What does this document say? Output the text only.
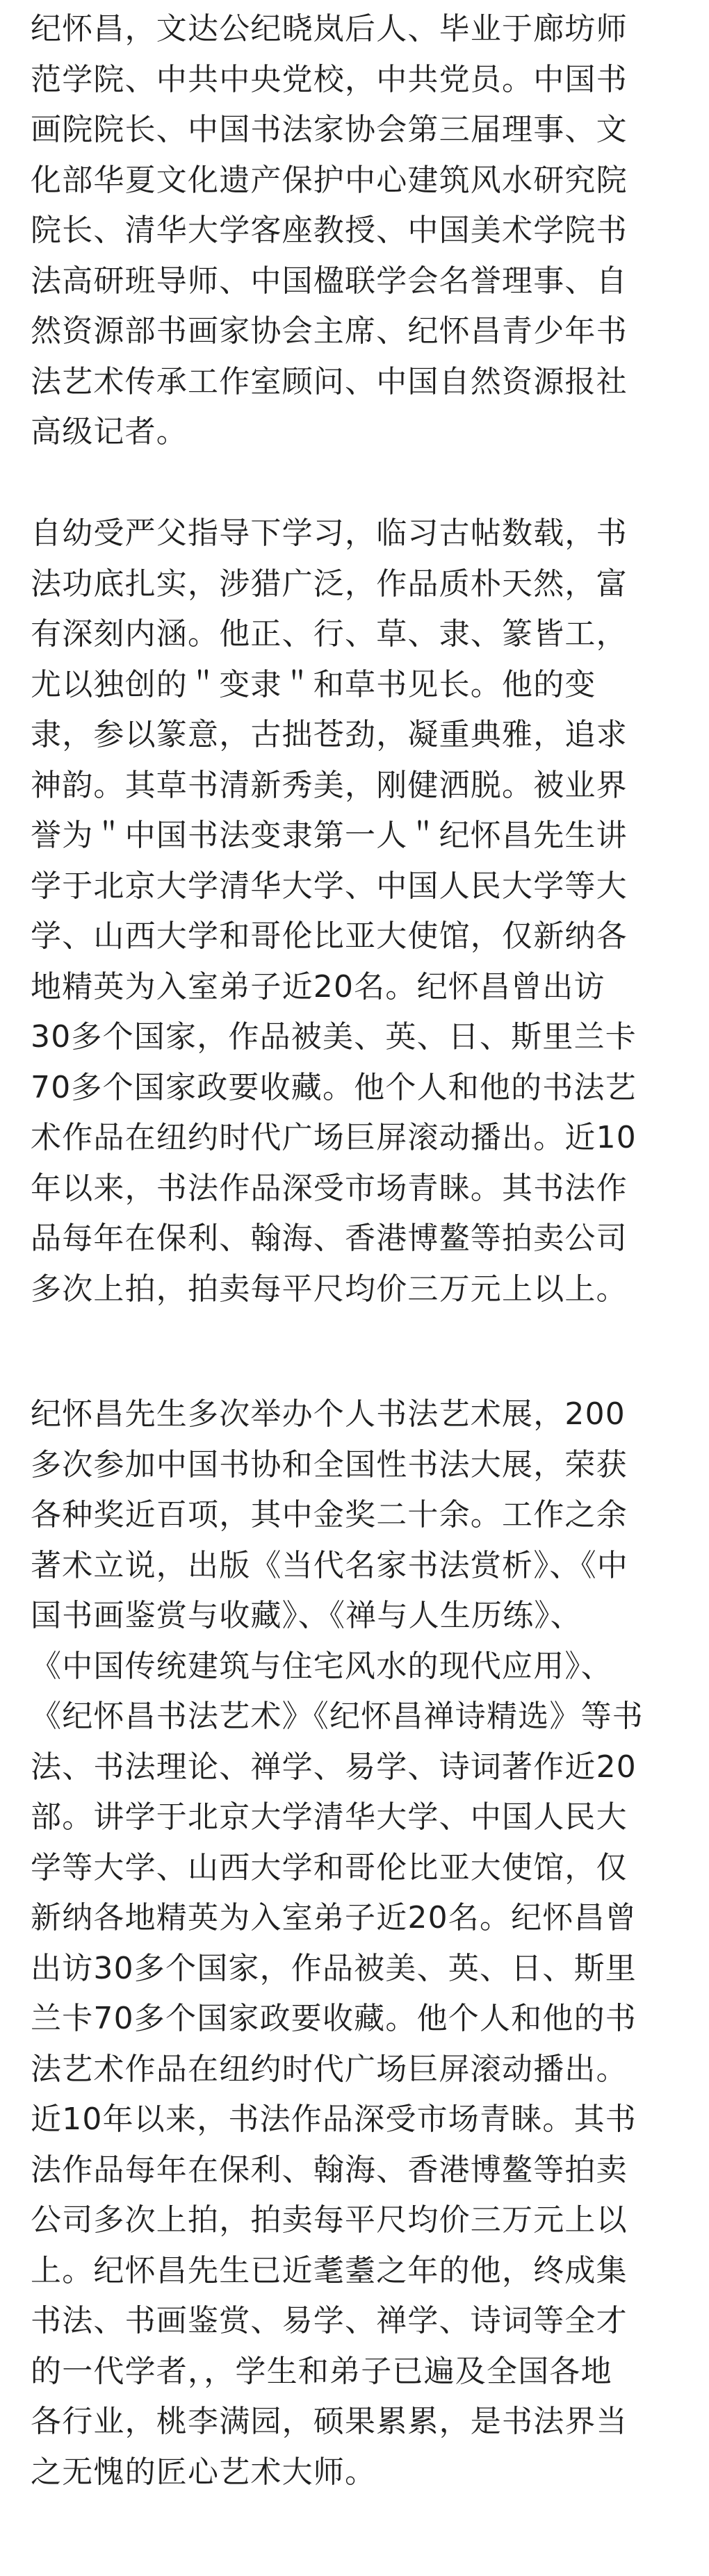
纪怀昌，文达公纪晓岚后人、毕业于廊坊师
范学院、中共中央党校，中共党员。中国书
画院院长、中国书法家协会第三届理事、文
化部华夏文化遗产保护中心建筑风水研究院
院长、清华大学客座教授、中国美术学院书
法高研班导师、中国楹联学会名誉理事、自
然资源部书画家协会主席、纪怀昌青少年书
法艺术传承工作室顾问、中国自然资源报社
高级记者。

自幼受严父指导下学习，临习古帖数载，书
法功底扎实，涉猎广泛，作品质朴天然，富
有深刻内涵。他正、行、草、隶、篆皆工，
尤以独创的＂变隶＂和草书见长。他的变
隶，参以篆意，古拙苍劲，凝重典雅，追求
神韵。其草书清新秀美，刚健洒脱。被业界
誉为＂中国书法变隶第一人＂纪怀昌先生讲
学于北京大学清华大学、中国人民大学等大
学、山西大学和哥伦比亚大使馆，仅新纳各
地精英为入室弟子近20名。纪怀昌曾出访
30多个国家，作品被美、英、日、斯里兰卡
70多个国家政要收藏。他个人和他的书法艺
术作品在纽约时代广场巨屏滚动播出。近10
年以来，书法作品深受市场青睐。其书法作
品每年在保利、翰海、香港博鳌等拍卖公司
多次上拍，拍卖每平尺均价三万元上以上。

纪怀昌先生多次举办个人书法艺术展，200
多次参加中国书协和全国性书法大展，荣获
各种奖近百项，其中金奖二十余。工作之余
著术立说，出版《当代名家书法赏析》、《中
国书画鉴赏与收藏》、《禅与人生历练》、
《中国传统建筑与住宅风水的现代应用》、
《纪怀昌书法艺术》《纪怀昌禅诗精选》等书
法、书法理论、禅学、易学、诗词著作近20
部。讲学于北京大学清华大学、中国人民大
学等大学、山西大学和哥伦比亚大使馆，仅
新纳各地精英为入室弟子近20名。纪怀昌曾
出访30多个国家，作品被美、英、日、斯里
兰卡70多个国家政要收藏。他个人和他的书
法艺术作品在纽约时代广场巨屏滚动播出。
近10年以来，书法作品深受市场青睐。其书
法作品每年在保利、翰海、香港博鳌等拍卖
公司多次上拍，拍卖每平尺均价三万元上以
上。纪怀昌先生已近耄耋之年的他，终成集
书法、书画鉴赏、易学、禅学、诗词等全才
的一代学者，，学生和弟子已遍及全国各地
各行业，桃李满园，硕果累累，是书法界当
之无愧的匠心艺术大师。
